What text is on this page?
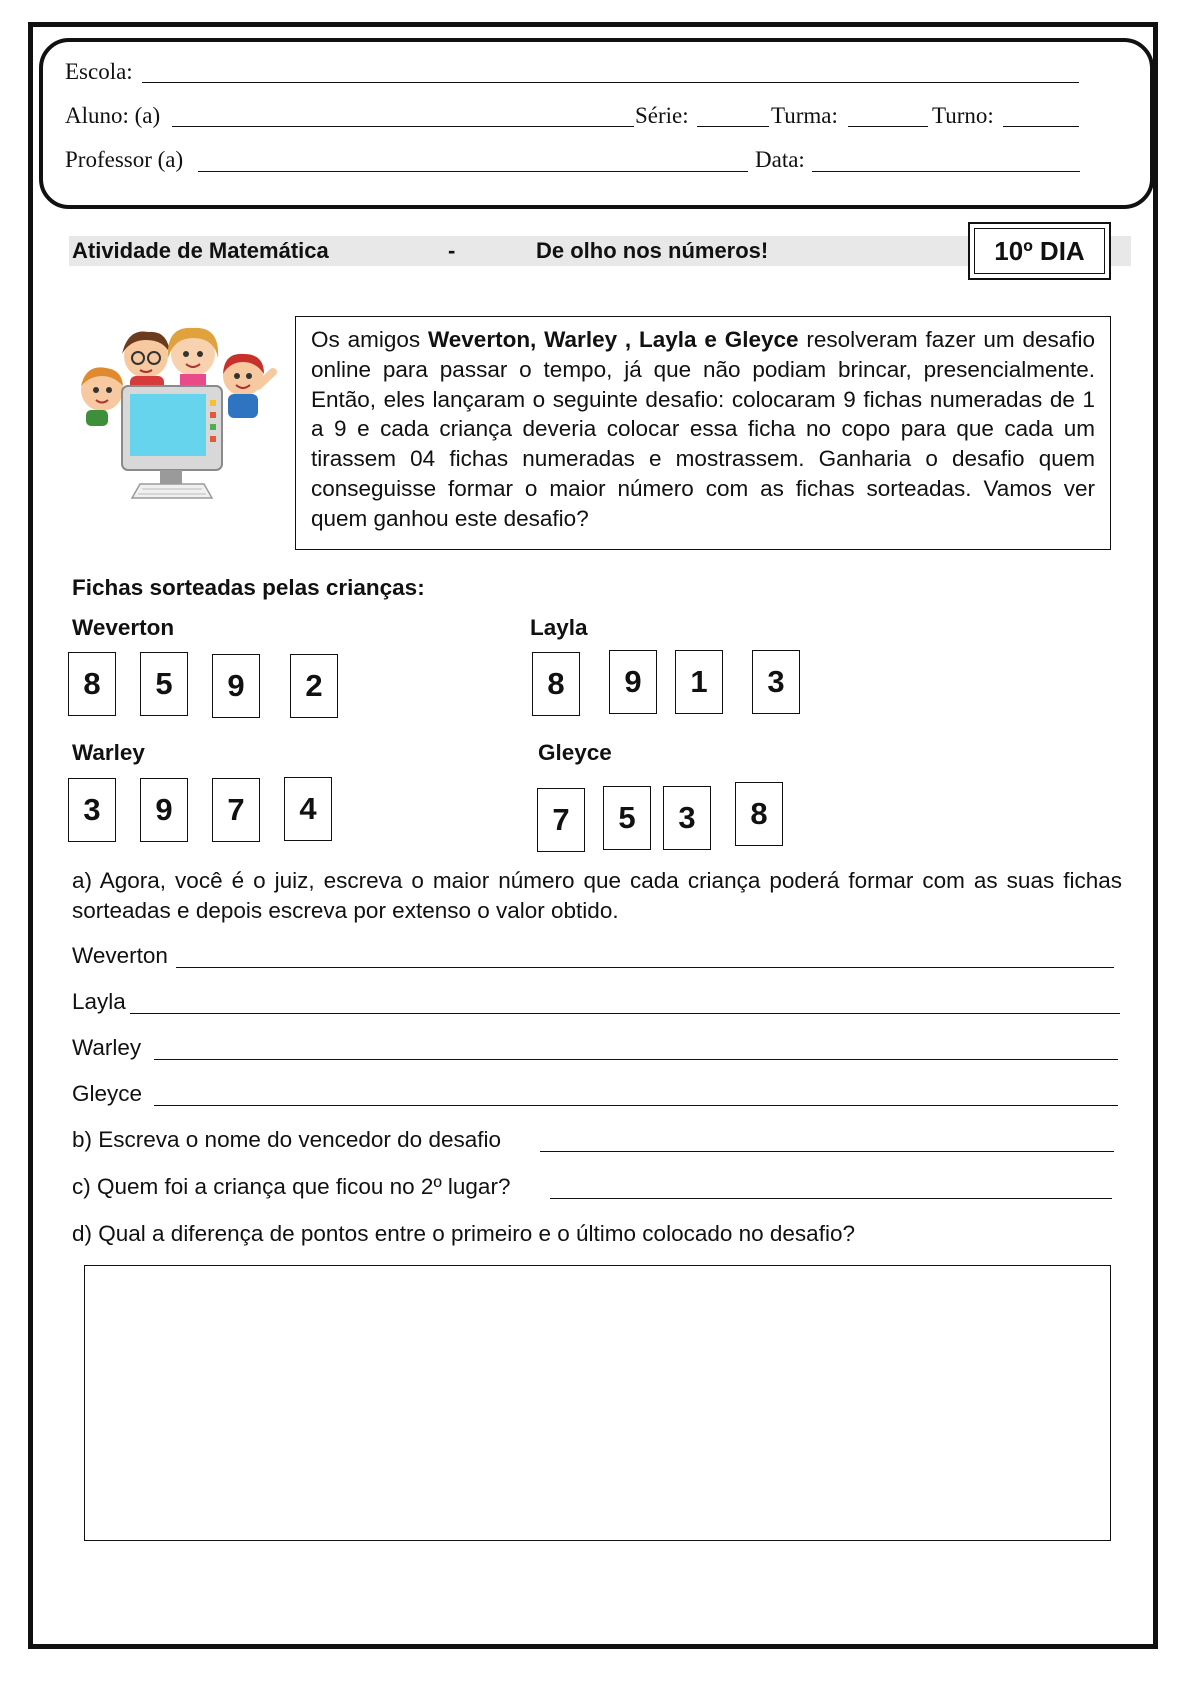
Escola:
Aluno: (a)	Série:	Turma:	Turno:
Professor (a)	Data:
Atividade de Matemática	-	De olho nos números!	10º DIA
Os amigos Weverton, Warley , Layla e Gleyce resolveram fazer um desafio online para passar o tempo, já que não podiam brincar, presencialmente. Então, eles lançaram o seguinte desafio: colocaram 9 fichas numeradas de 1 a 9 e cada criança deveria colocar essa ficha no copo para que cada um tirassem 04 fichas numeradas e mostrassem. Ganharia o desafio quem conseguisse formar o maior número com as fichas sorteadas. Vamos ver quem ganhou este desafio?
Fichas sorteadas pelas crianças:
Weverton
8	5	9	2
Layla
8	9	1	3
Warley
3	9	7	4
Gleyce
7	5	3	8
a) Agora, você é o juiz, escreva o maior número que cada criança poderá formar com as suas fichas sorteadas e depois escreva por extenso o valor obtido.
Weverton
Layla
Warley
Gleyce
b) Escreva o nome do vencedor do desafio
c) Quem foi a criança que ficou no 2º lugar?
d) Qual a diferença de pontos entre o primeiro e o último colocado no desafio?
